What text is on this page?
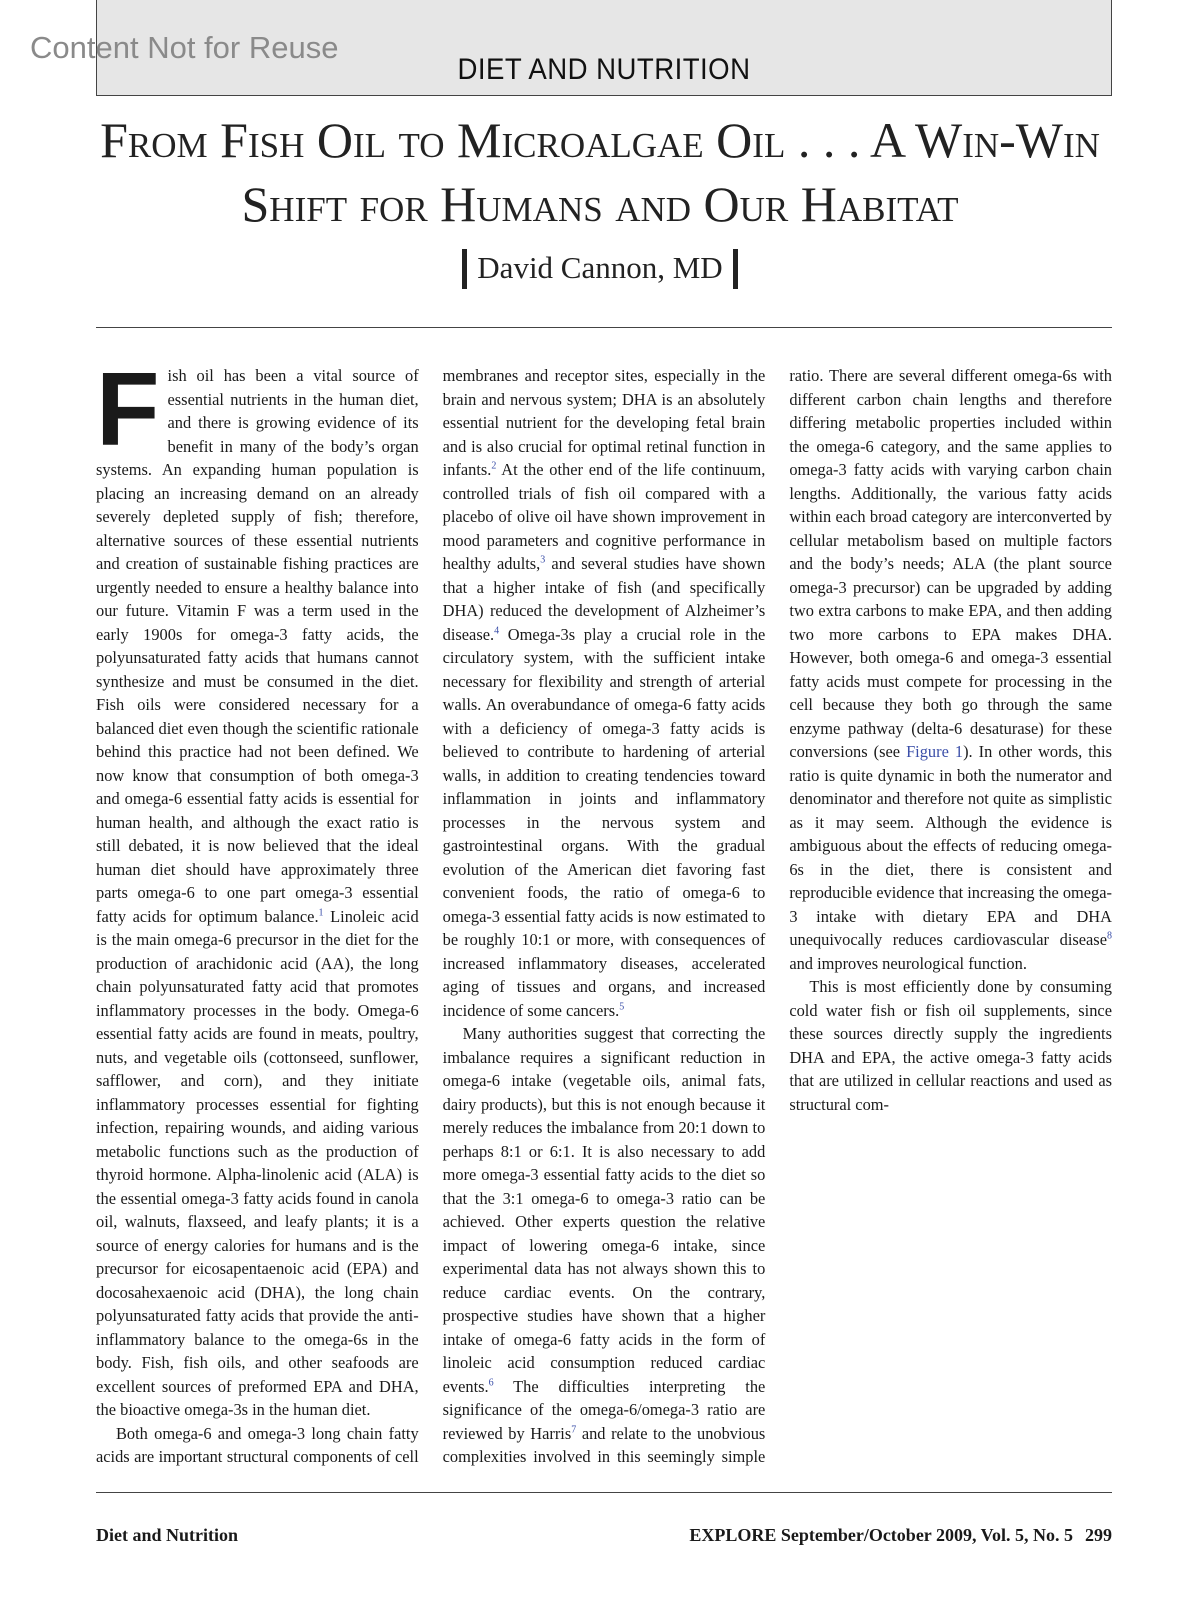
Content Not for Reuse
DIET AND NUTRITION
From Fish Oil to Microalgae Oil . . . A Win-Win
Shift for Humans and Our Habitat
David Cannon, MD

Fish oil has been a vital source of essential nutrients in the human diet, and there is growing evidence of its benefit in many of the body’s organ systems. An expanding human population is placing an increasing demand on an already severely depleted supply of fish; therefore, alternative sources of these essential nutrients and creation of sustainable fishing practices are urgently needed to ensure a healthy balance into our future. Vitamin F was a term used in the early 1900s for omega-3 fatty acids, the polyunsaturated fatty acids that humans cannot synthesize and must be consumed in the diet. Fish oils were considered necessary for a balanced diet even though the scientific rationale behind this practice had not been defined. We now know that consumption of both omega-3 and omega-6 essential fatty acids is essential for human health, and although the exact ratio is still debated, it is now believed that the ideal human diet should have approximately three parts omega-6 to one part omega-3 essential fatty acids for optimum balance.$^1$ Linoleic acid is the main omega-6 precursor in the diet for the production of arachidonic acid (AA), the long chain polyunsaturated fatty acid that promotes inflammatory processes in the body. Omega-6 essential fatty acids are found in meats, poultry, nuts, and vegetable oils (cottonseed, sunflower, safflower, and corn), and they initiate inflammatory processes essential for fighting infection, repairing wounds, and aiding various metabolic functions such as the production of thyroid hormone. Alpha-linolenic acid (ALA) is the essential omega-3 fatty acids found in canola oil, walnuts, flaxseed, and leafy plants; it is a source of energy calories for humans and is the precursor for eicosapentaenoic acid (EPA) and docosahexaenoic acid (DHA), the long chain polyunsaturated fatty acids that provide the anti-inflammatory balance to the omega-6s in the body. Fish, fish oils, and other seafoods are excellent sources of preformed EPA and DHA, the bioactive omega-3s in the human diet.

Both omega-6 and omega-3 long chain fatty acids are important structural components of cell membranes and receptor sites, especially in the brain and nervous system; DHA is an absolutely essential nutrient for the developing fetal brain and is also crucial for optimal retinal function in infants.$^2$ At the other end of the life continuum, controlled trials of fish oil compared with a placebo of olive oil have shown improvement in mood parameters and cognitive performance in healthy adults,$^3$ and several studies have shown that a higher intake of fish (and specifically DHA) reduced the development of Alzheimer’s disease.$^4$ Omega-3s play a crucial role in the circulatory system, with the sufficient intake necessary for flexibility and strength of arterial walls. An overabundance of omega-6 fatty acids with a deficiency of omega-3 fatty acids is believed to contribute to hardening of arterial walls, in addition to creating tendencies toward inflammation in joints and inflammatory processes in the nervous system and gastrointestinal organs. With the gradual evolution of the American diet favoring fast convenient foods, the ratio of omega-6 to omega-3 essential fatty acids is now estimated to be roughly 10:1 or more, with consequences of increased inflammatory diseases, accelerated aging of tissues and organs, and increased incidence of some cancers.$^5$

Many authorities suggest that correcting the imbalance requires a significant reduction in omega-6 intake (vegetable oils, animal fats, dairy products), but this is not enough because it merely reduces the imbalance from 20:1 down to perhaps 8:1 or 6:1. It is also necessary to add more omega-3 essential fatty acids to the diet so that the 3:1 omega-6 to omega-3 ratio can be achieved. Other experts question the relative impact of lowering omega-6 intake, since experimental data has not always shown this to reduce cardiac events. On the contrary, prospective studies have shown that a higher intake of omega-6 fatty acids in the form of linoleic acid consumption reduced cardiac events.$^6$ The difficulties interpreting the significance of the omega-6/omega-3 ratio are reviewed by Harris$^7$ and relate to the unobvious complexities involved in this seemingly simple ratio. There are several different omega-6s with different carbon chain lengths and therefore differing metabolic properties included within the omega-6 category, and the same applies to omega-3 fatty acids with varying carbon chain lengths. Additionally, the various fatty acids within each broad category are interconverted by cellular metabolism based on multiple factors and the body’s needs; ALA (the plant source omega-3 precursor) can be upgraded by adding two extra carbons to make EPA, and then adding two more carbons to EPA makes DHA. However, both omega-6 and omega-3 essential fatty acids must compete for processing in the cell because they both go through the same enzyme pathway (delta-6 desaturase) for these conversions (see Figure 1). In other words, this ratio is quite dynamic in both the numerator and denominator and therefore not quite as simplistic as it may seem. Although the evidence is ambiguous about the effects of reducing omega-6s in the diet, there is consistent and reproducible evidence that increasing the omega-3 intake with dietary EPA and DHA unequivocally reduces cardiovascular disease$^8$ and improves neurological function.

This is most efficiently done by consuming cold water fish or fish oil supplements, since these sources directly supply the ingredients DHA and EPA, the active omega-3 fatty acids that are utilized in cellular reactions and used as structural com-

Diet and Nutrition	EXPLORE September/October 2009, Vol. 5, No. 5 299
